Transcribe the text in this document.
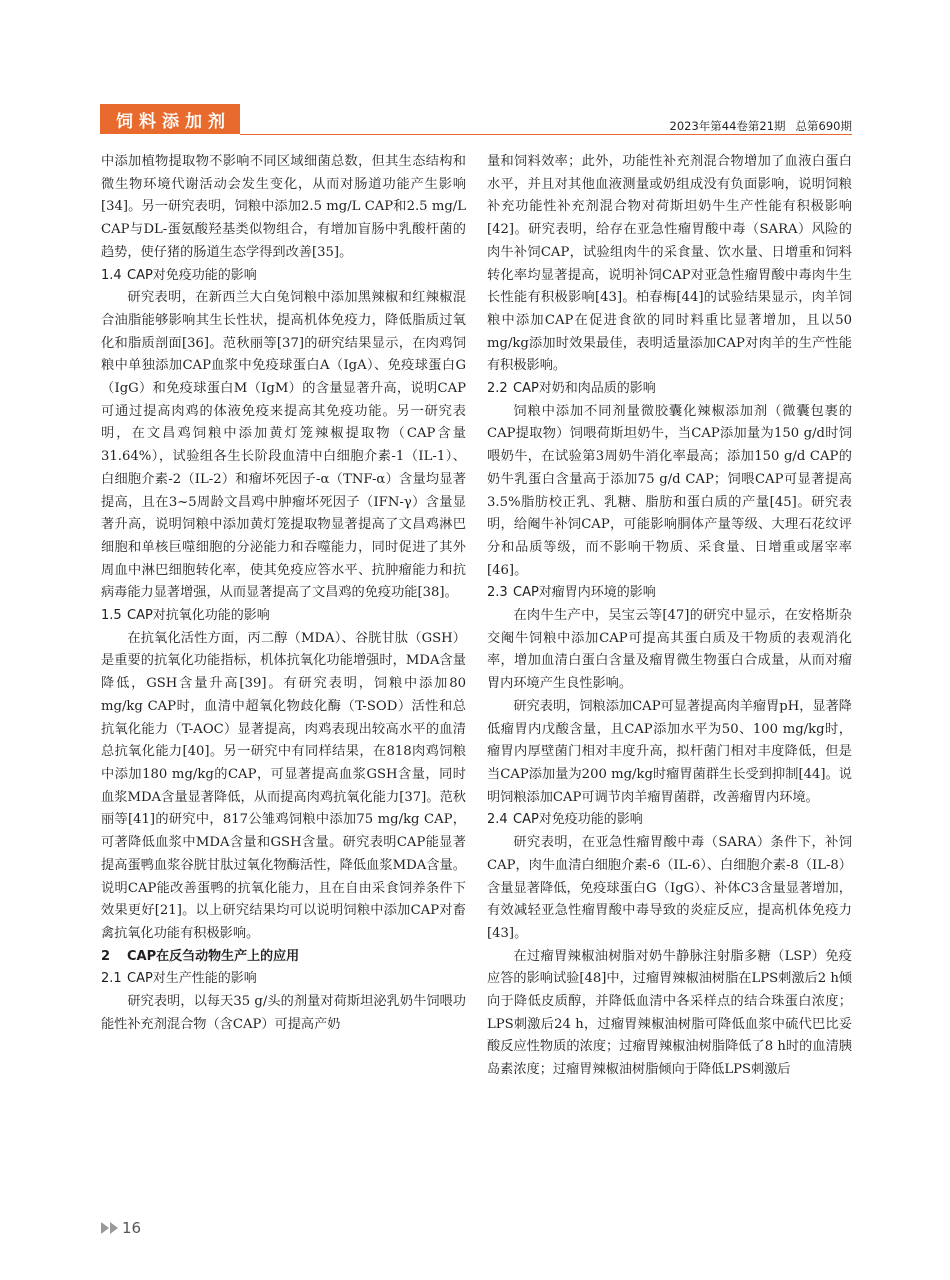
饲料添加剂	2023年第44卷第21期 总第690期

中添加植物提取物不影响不同区域细菌总数，但其生态结构和微生物环境代谢活动会发生变化，从而对肠道功能产生影响[34]。另一研究表明，饲粮中添加2.5 mg/L CAP和2.5 mg/L CAP与DL-蛋氨酸羟基类似物组合，有增加盲肠中乳酸杆菌的趋势，使仔猪的肠道生态学得到改善[35]。

1.4 CAP对免疫功能的影响

研究表明，在新西兰大白兔饲粮中添加黑辣椒和红辣椒混合油脂能够影响其生长性状，提高机体免疫力，降低脂质过氧化和脂质剖面[36]。范秋丽等[37]的研究结果显示，在肉鸡饲粮中单独添加CAP血浆中免疫球蛋白A（IgA）、免疫球蛋白G（IgG）和免疫球蛋白M（IgM）的含量显著升高，说明CAP可通过提高肉鸡的体液免疫来提高其免疫功能。另一研究表明，在文昌鸡饲粮中添加黄灯笼辣椒提取物（CAP含量31.64%），试验组各生长阶段血清中白细胞介素-1（IL-1）、白细胞介素-2（IL-2）和瘤坏死因子-α（TNF-α）含量均显著提高，且在3~5周龄文昌鸡中肿瘤坏死因子（IFN-γ）含量显著升高，说明饲粮中添加黄灯笼提取物显著提高了文昌鸡淋巴细胞和单核巨噬细胞的分泌能力和吞噬能力，同时促进了其外周血中淋巴细胞转化率，使其免疫应答水平、抗肿瘤能力和抗病毒能力显著增强，从而显著提高了文昌鸡的免疫功能[38]。

1.5 CAP对抗氧化功能的影响

在抗氧化活性方面，丙二醇（MDA）、谷胱甘肽（GSH）是重要的抗氧化功能指标，机体抗氧化功能增强时，MDA含量降低，GSH含量升高[39]。有研究表明，饲粮中添加80 mg/kg CAP时，血清中超氧化物歧化酶（T-SOD）活性和总抗氧化能力（T-AOC）显著提高，肉鸡表现出较高水平的血清总抗氧化能力[40]。另一研究中有同样结果，在818肉鸡饲粮中添加180 mg/kg的CAP，可显著提高血浆GSH含量，同时血浆MDA含量显著降低，从而提高肉鸡抗氧化能力[37]。范秋丽等[41]的研究中，817公雏鸡饲粮中添加75 mg/kg CAP，可著降低血浆中MDA含量和GSH含量。研究表明CAP能显著提高蛋鸭血浆谷胱甘肽过氧化物酶活性，降低血浆MDA含量。说明CAP能改善蛋鸭的抗氧化能力，且在自由采食饲养条件下效果更好[21]。以上研究结果均可以说明饲粮中添加CAP对畜禽抗氧化功能有积极影响。

2 CAP在反刍动物生产上的应用

2.1 CAP对生产性能的影响

研究表明，以每天35 g/头的剂量对荷斯坦泌乳奶牛饲喂功能性补充剂混合物（含CAP）可提高产奶

量和饲料效率；此外，功能性补充剂混合物增加了血液白蛋白水平，并且对其他血液测量或奶组成没有负面影响，说明饲粮补充功能性补充剂混合物对荷斯坦奶牛生产性能有积极影响[42]。研究表明，给存在亚急性瘤胃酸中毒（SARA）风险的肉牛补饲CAP，试验组肉牛的采食量、饮水量、日增重和饲料转化率均显著提高，说明补饲CAP对亚急性瘤胃酸中毒肉牛生长性能有积极影响[43]。柏春梅[44]的试验结果显示，肉羊饲粮中添加CAP在促进食欲的同时料重比显著增加，且以50 mg/kg添加时效果最佳，表明适量添加CAP对肉羊的生产性能有积极影响。

2.2 CAP对奶和肉品质的影响

饲粮中添加不同剂量微胶囊化辣椒添加剂（微囊包裹的CAP提取物）饲喂荷斯坦奶牛，当CAP添加量为150 g/d时饲喂奶牛，在试验第3周奶牛消化率最高；添加150 g/d CAP的奶牛乳蛋白含量高于添加75 g/d CAP；饲喂CAP可显著提高3.5%脂肪校正乳、乳糖、脂肪和蛋白质的产量[45]。研究表明，给阉牛补饲CAP，可能影响胴体产量等级、大理石花纹评分和品质等级，而不影响干物质、采食量、日增重或屠宰率[46]。

2.3 CAP对瘤胃内环境的影响

在肉牛生产中，吴宝云等[47]的研究中显示，在安格斯杂交阉牛饲粮中添加CAP可提高其蛋白质及干物质的表观消化率，增加血清白蛋白含量及瘤胃微生物蛋白合成量，从而对瘤胃内环境产生良性影响。

研究表明，饲粮添加CAP可显著提高肉羊瘤胃pH，显著降低瘤胃内戊酸含量，且CAP添加水平为50、100 mg/kg时，瘤胃内厚壁菌门相对丰度升高，拟杆菌门相对丰度降低，但是当CAP添加量为200 mg/kg时瘤胃菌群生长受到抑制[44]。说明饲粮添加CAP可调节肉羊瘤胃菌群，改善瘤胃内环境。

2.4 CAP对免疫功能的影响

研究表明，在亚急性瘤胃酸中毒（SARA）条件下，补饲CAP，肉牛血清白细胞介素-6（IL-6）、白细胞介素-8（IL-8）含量显著降低，免疫球蛋白G（IgG）、补体C3含量显著增加，有效减轻亚急性瘤胃酸中毒导致的炎症反应，提高机体免疫力[43]。

在过瘤胃辣椒油树脂对奶牛静脉注射脂多糖（LSP）免疫应答的影响试验[48]中，过瘤胃辣椒油树脂在LPS刺激后2 h倾向于降低皮质醇，并降低血清中各采样点的结合珠蛋白浓度；LPS刺激后24 h，过瘤胃辣椒油树脂可降低血浆中硫代巴比妥酸反应性物质的浓度；过瘤胃辣椒油树脂降低了8 h时的血清胰岛素浓度；过瘤胃辣椒油树脂倾向于降低LPS刺激后

16
